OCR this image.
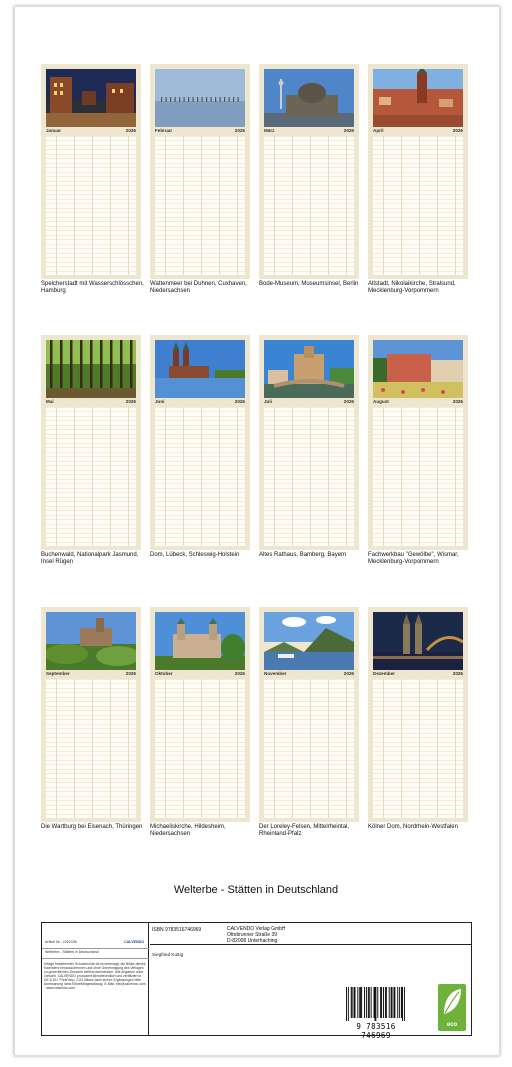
Januar	2026
Speicherstadt mit Wasserschlösschen, Hamburg
Februar	2026
Wattenmeer bei Duhnen, Cuxhaven, Niedersachsen
März	2026
Bode-Museum, Museumsinsel, Berlin
April	2026
Altstadt, Nikolaikirche, Stralsund, Mecklenburg-Vorpommern
Mai	2026
Buchenwald, Nationalpark Jasmund, Insel Rügen
Juni	2026
Dom, Lübeck, Schleswig-Holstein
Juli	2026
Altes Rathaus, Bamberg, Bayern
August	2026
Fachwerkbau "Gewölbe", Wismar, Mecklenburg-Vorpommern
September	2026
Die Wartburg bei Eisenach, Thüringen
Oktober	2026
Michaeliskirche, Hildesheim, Niedersachsen
November	2026
Der Loreley-Felsen, Mittelrheintal, Rheinland-Pfalz
Dezember	2026
Kölner Dom, Nordrhein-Westfalen
Welterbe - Stätten in Deutschland
Artikel Nr.: 2262338	CALVENDO
Welterbe - Stätten in Deutschland
Infolge bestehender Schutzrechte ist es untersagt, die Bilder dieses Kalenders herauszutrennen und ohne Genehmigung des Verlages zu gewerblichen Zwecken weiterzuverwenden. Alle Angaben ohne Gewähr. CALVENDO produziert klimafreundlich und zertifiziert in DE & EU. Print/Verp. CO2-Bilanz dank sicher. Ergänzungen bitte Anreizanung dank Einzelbildgestaltung. E-Mail: info@calvendo.com · www.calvendo.com
ISBN 9783516746969	CALVENDO Verlag GmbH
Ottobrunner Straße 39
D-82008 Unterhaching
Siegfried Kuttig
9 783516 746969
eco
